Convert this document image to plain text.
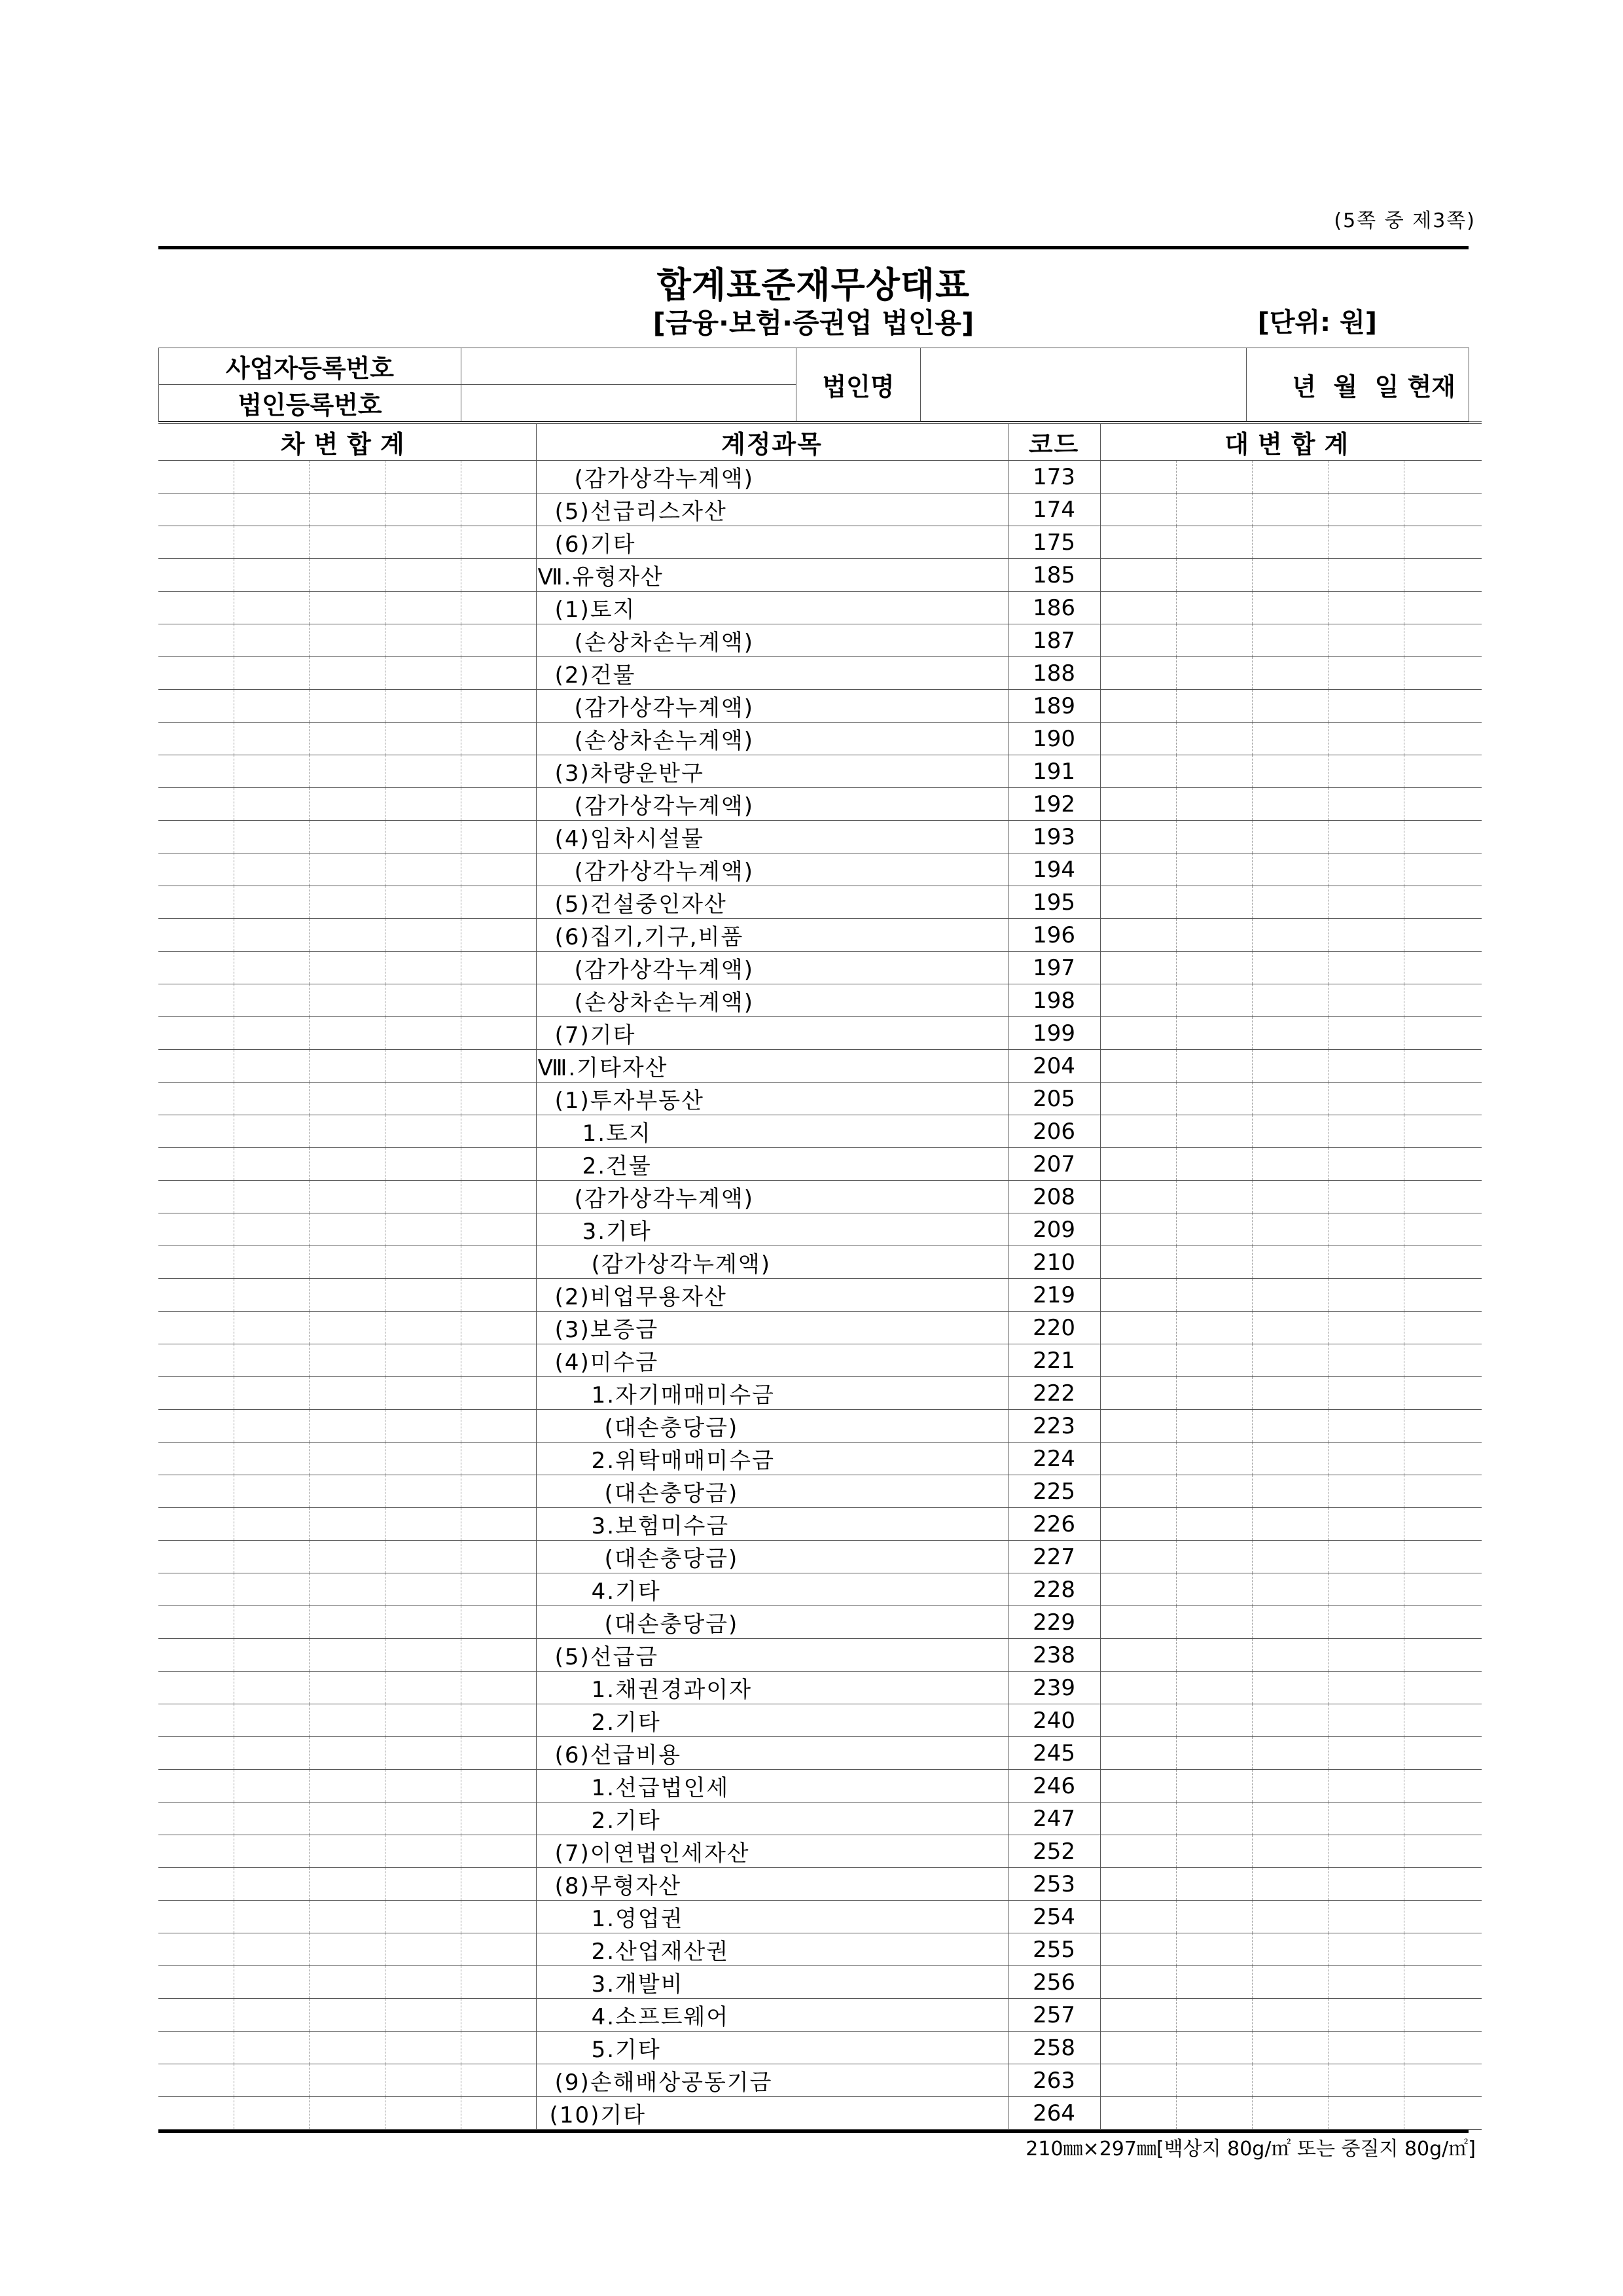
(5쪽 중 제3쪽)
합계표준재무상태표
[금융·보험·증권업 법인용]	[단위: 원]
사업자등록번호		법인명		년  월  일 현재
법인등록번호				
차변합계					계정과목	코드	대변합계				
					(감가상각누계액)	173					
					(5)선급리스자산	174					
					(6)기타	175					
					Ⅶ.유형자산	185					
					(1)토지	186					
					(손상차손누계액)	187					
					(2)건물	188					
					(감가상각누계액)	189					
					(손상차손누계액)	190					
					(3)차량운반구	191					
					(감가상각누계액)	192					
					(4)임차시설물	193					
					(감가상각누계액)	194					
					(5)건설중인자산	195					
					(6)집기,기구,비품	196					
					(감가상각누계액)	197					
					(손상차손누계액)	198					
					(7)기타	199					
					Ⅷ.기타자산	204					
					(1)투자부동산	205					
					1.토지	206					
					2.건물	207					
					(감가상각누계액)	208					
					3.기타	209					
					(감가상각누계액)	210					
					(2)비업무용자산	219					
					(3)보증금	220					
					(4)미수금	221					
					1.자기매매미수금	222					
					(대손충당금)	223					
					2.위탁매매미수금	224					
					(대손충당금)	225					
					3.보험미수금	226					
					(대손충당금)	227					
					4.기타	228					
					(대손충당금)	229					
					(5)선급금	238					
					1.채권경과이자	239					
					2.기타	240					
					(6)선급비용	245					
					1.선급법인세	246					
					2.기타	247					
					(7)이연법인세자산	252					
					(8)무형자산	253					
					1.영업권	254					
					2.산업재산권	255					
					3.개발비	256					
					4.소프트웨어	257					
					5.기타	258					
					(9)손해배상공동기금	263					
					(10)기타	264					
210㎜×297㎜[백상지 80g/㎡ 또는 중질지 80g/㎡]
